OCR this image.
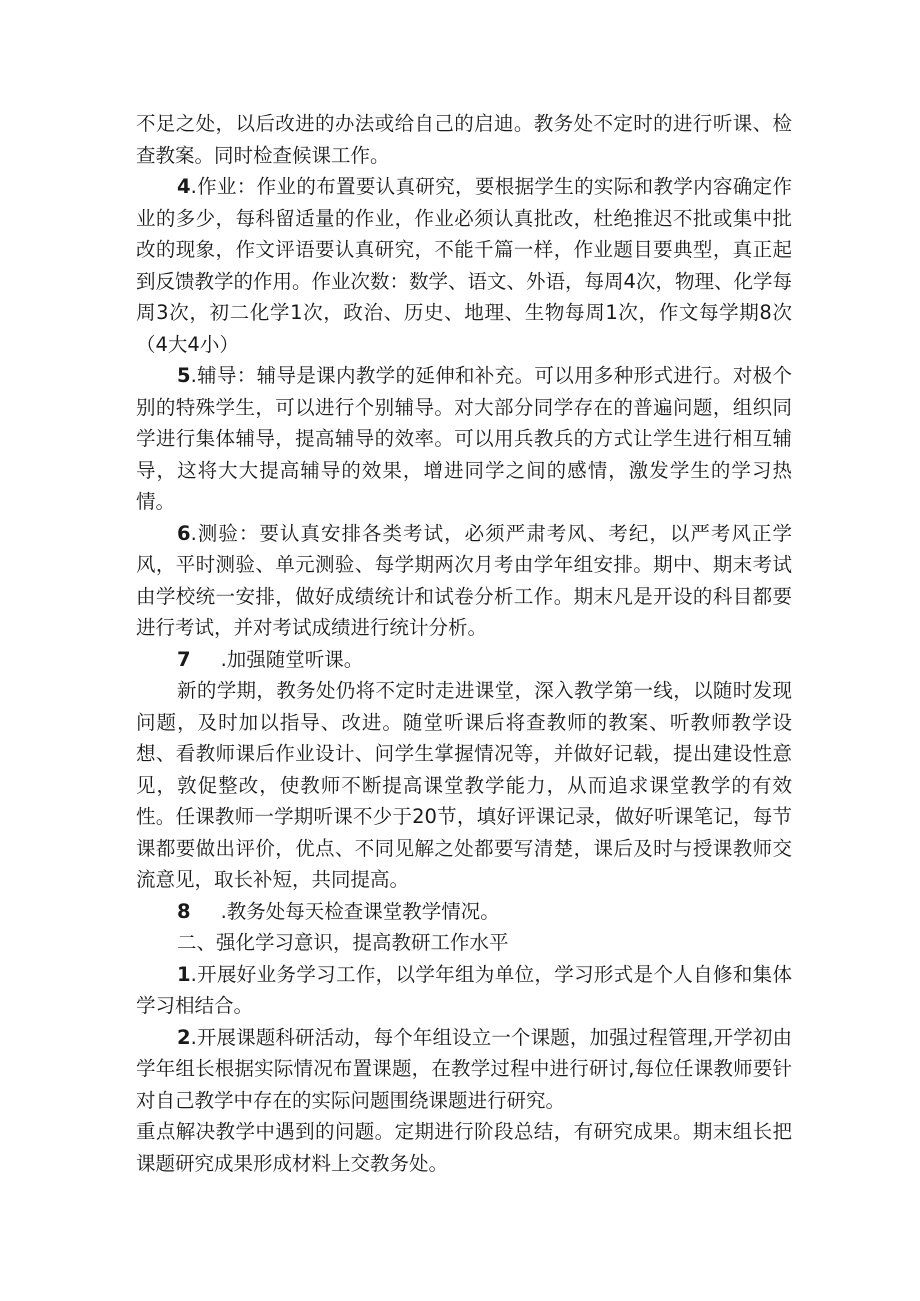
不足之处，以后改进的办法或给自己的启迪。教务处不定时的进行听课、检查教案。同时检查候课工作。

4.作业：作业的布置要认真研究，要根据学生的实际和教学内容确定作业的多少，每科留适量的作业，作业必须认真批改，杜绝推迟不批或集中批改的现象，作文评语要认真研究，不能千篇一样，作业题目要典型，真正起到反馈教学的作用。作业次数：数学、语文、外语，每周4次，物理、化学每周3次，初二化学1次，政治、历史、地理、生物每周1次，作文每学期8次（4大4小）

5.辅导：辅导是课内教学的延伸和补充。可以用多种形式进行。对极个别的特殊学生，可以进行个别辅导。对大部分同学存在的普遍问题，组织同学进行集体辅导，提高辅导的效率。可以用兵教兵的方式让学生进行相互辅导，这将大大提高辅导的效果，增进同学之间的感情，激发学生的学习热情。

6.测验：要认真安排各类考试，必须严肃考风、考纪，以严考风正学风，平时测验、单元测验、每学期两次月考由学年组安排。期中、期末考试由学校统一安排，做好成绩统计和试卷分析工作。期末凡是开设的科目都要进行考试，并对考试成绩进行统计分析。

7 .加强随堂听课。

新的学期，教务处仍将不定时走进课堂，深入教学第一线，以随时发现问题，及时加以指导、改进。随堂听课后将查教师的教案、听教师教学设想、看教师课后作业设计、问学生掌握情况等，并做好记载，提出建设性意见，敦促整改，使教师不断提高课堂教学能力，从而追求课堂教学的有效性。任课教师一学期听课不少于20节，填好评课记录，做好听课笔记，每节课都要做出评价，优点、不同见解之处都要写清楚，课后及时与授课教师交流意见，取长补短，共同提高。

8 .教务处每天检查课堂教学情况。

二、强化学习意识，提高教研工作水平

1.开展好业务学习工作，以学年组为单位，学习形式是个人自修和集体学习相结合。

2.开展课题科研活动，每个年组设立一个课题，加强过程管理,开学初由学年组长根据实际情况布置课题，在教学过程中进行研讨,每位任课教师要针对自己教学中存在的实际问题围绕课题进行研究。

重点解决教学中遇到的问题。定期进行阶段总结，有研究成果。期末组长把课题研究成果形成材料上交教务处。
